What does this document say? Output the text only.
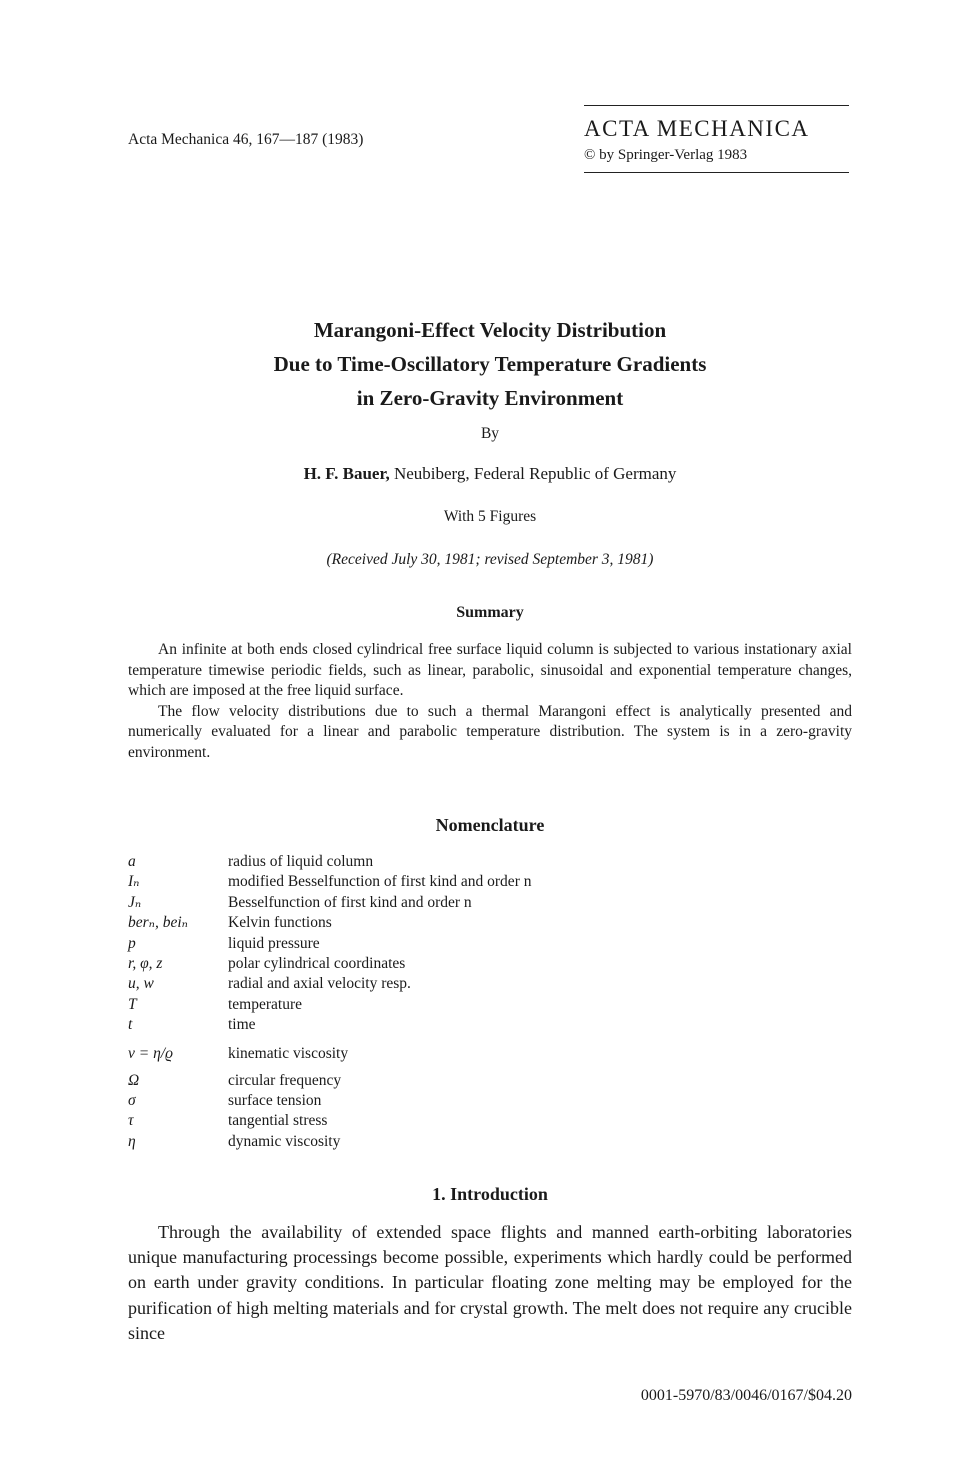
Acta Mechanica 46, 167—187 (1983)	ACTA MECHANICA
© by Springer-Verlag 1983
Marangoni-Effect Velocity Distribution
Due to Time-Oscillatory Temperature Gradients
in Zero-Gravity Environment
By
H. F. Bauer, Neubiberg, Federal Republic of Germany
With 5 Figures
(Received July 30, 1981; revised September 3, 1981)
Summary

An infinite at both ends closed cylindrical free surface liquid column is subjected to various instationary axial temperature timewise periodic fields, such as linear, parabolic, sinusoidal and exponential temperature changes, which are imposed at the free liquid surface.

The flow velocity distributions due to such a thermal Marangoni effect is analytically presented and numerically evaluated for a linear and parabolic temperature distribution. The system is in a zero-gravity environment.

Nomenclature
a	radius of liquid column
Iₙ	modified Besselfunction of first kind and order n
Jₙ	Besselfunction of first kind and order n
berₙ, beiₙ	Kelvin functions
p	liquid pressure
r, φ, z	polar cylindrical coordinates
u, w	radial and axial velocity resp.
T	temperature
t	time
ν = η/ϱ	kinematic viscosity
Ω	circular frequency
σ	surface tension
τ	tangential stress
η	dynamic viscosity
1. Introduction

Through the availability of extended space flights and manned earth-orbiting laboratories unique manufacturing processings become possible, experiments which hardly could be performed on earth under gravity conditions. In particular floating zone melting may be employed for the purification of high melting materials and for crystal growth. The melt does not require any crucible since

0001-5970/83/0046/0167/$04.20
